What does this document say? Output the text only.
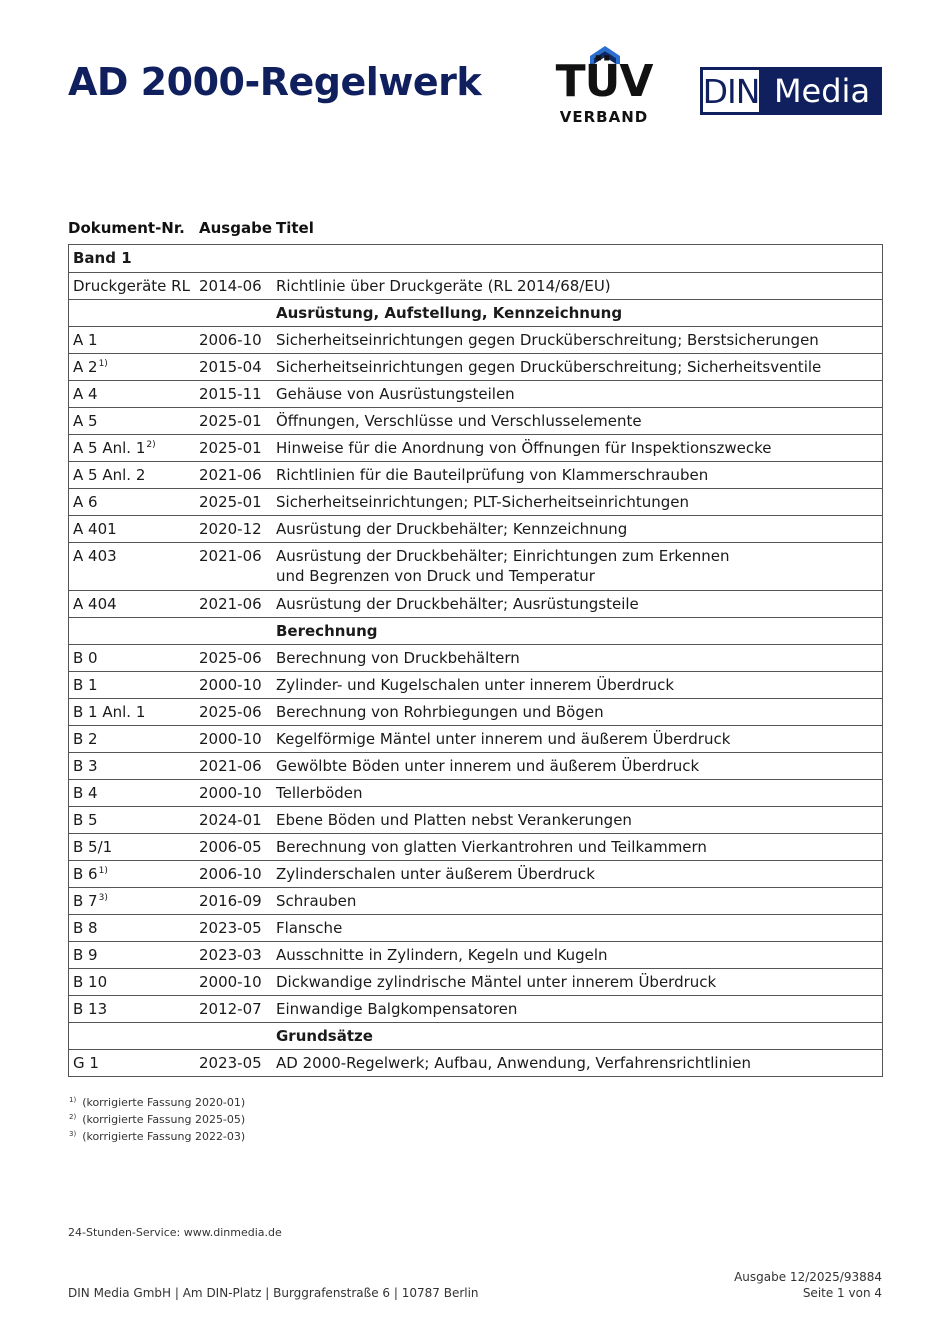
AD 2000-Regelwerk TÜV
VERBAND
DIN Media
Dokument-Nr. Ausgabe Titel
Band 1
Druckgeräte RL 2014-06 Richtlinie über Druckgeräte (RL 2014/68/EU)
Ausrüstung, Aufstellung, Kennzeichnung
A 1	2006-10 Sicherheitseinrichtungen gegen Drucküberschreitung; Berstsicherungen
A 2$^{1)}$	2015-04 Sicherheitseinrichtungen gegen Drucküberschreitung; Sicherheitsventile
A 4	2015-11 Gehäuse von Ausrüstungsteilen
A 5	2025-01 Öffnungen, Verschlüsse und Verschlusselemente
A 5 Anl. 1$^{2)}$	2025-01 Hinweise für die Anordnung von Öffnungen für Inspektionszwecke
A 5 Anl. 2	2021-06 Richtlinien für die Bauteilprüfung von Klammerschrauben
A 6	2025-01 Sicherheitseinrichtungen; PLT-Sicherheitseinrichtungen
A 401	2020-12 Ausrüstung der Druckbehälter; Kennzeichnung
A 403	2021-06 Ausrüstung der Druckbehälter; Einrichtungen zum Erkennen
und Begrenzen von Druck und Temperatur
A 404	2021-06 Ausrüstung der Druckbehälter; Ausrüstungsteile
Berechnung
B 0	2025-06 Berechnung von Druckbehältern
B 1	2000-10 Zylinder- und Kugelschalen unter innerem Überdruck
B 1 Anl. 1	2025-06 Berechnung von Rohrbiegungen und Bögen
B 2	2000-10 Kegelförmige Mäntel unter innerem und äußerem Überdruck
B 3	2021-06 Gewölbte Böden unter innerem und äußerem Überdruck
B 4	2000-10 Tellerböden
B 5	2024-01 Ebene Böden und Platten nebst Verankerungen
B 5/1	2006-05 Berechnung von glatten Vierkantrohren und Teilkammern
B 6$^{1)}$	2006-10 Zylinderschalen unter äußerem Überdruck
B 7$^{3)}$	2016-09 Schrauben
B 8	2023-05 Flansche
B 9	2023-03 Ausschnitte in Zylindern, Kegeln und Kugeln
B 10	2000-10 Dickwandige zylindrische Mäntel unter innerem Überdruck
B 13	2012-07 Einwandige Balgkompensatoren
Grundsätze
G 1	2023-05 AD 2000-Regelwerk; Aufbau, Anwendung, Verfahrensrichtlinien
$^{1)}$ (korrigierte Fassung 2020-01)
$^{2)}$ (korrigierte Fassung 2025-05)
$^{3)}$ (korrigierte Fassung 2022-03)
24-Stunden-Service: www.dinmedia.de
DIN Media GmbH | Am DIN-Platz | Burggrafenstraße 6 | 10787 Berlin
Ausgabe 12/2025/93884
Seite 1 von 4
